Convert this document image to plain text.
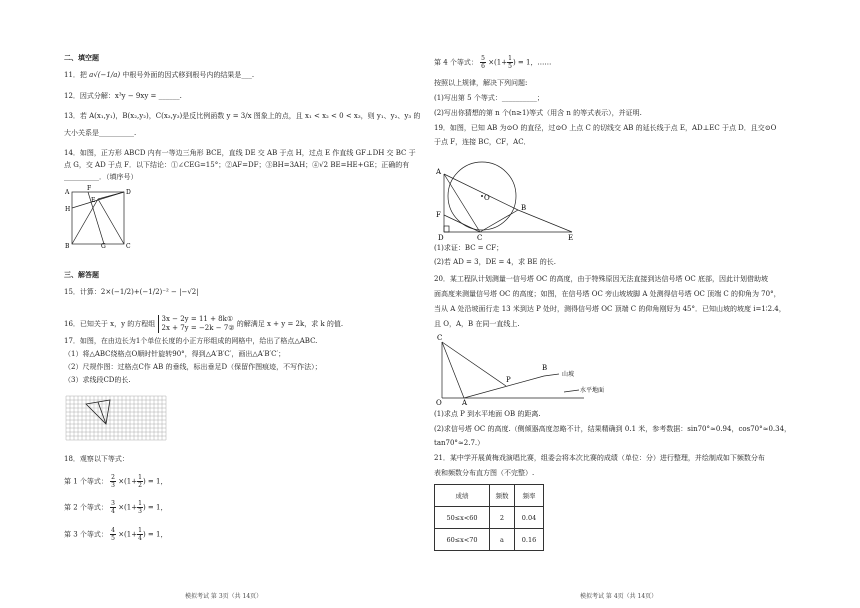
二、填空题
11．把 a√(−1/a) 中根号外面的因式移到根号内的结果是___.
12．因式分解：x³y − 9xy = ______.
13．若 A(x₁,y₁)，B(x₂,y₂)，C(x₃,y₃)是反比例函数 y = 3/x 图象上的点，且 x₁ < x₂ < 0 < x₃，则 y₁、y₂、y₃ 的
大小关系是__________.
14．如图，正方形 ABCD 内有一等边三角形 BCE，直线 DE 交 AB 于点 H，过点 E 作直线 GF⊥DH 交 BC 于
点 G，交 AD 于点 F．以下结论：①∠CEG=15°；②AF=DF；③BH=3AH；④√2 BE=HE+GE；正确的有
__________．（填序号）
A
F
D
H
E
B	G	C
三、解答题
15．计算：2×(−1/2)+(−1/2)⁻² − |−√2|
16．已知关于 x，y 的方程组 3x − 2y = 11 + 8k①
2x + 7y = −2k − 7② 的解满足 x + y = 2k，求 k 的值.
17．如图，在由边长为1个单位长度的小正方形组成的网格中，给出了格点△ABC.
（1）将△ABC绕格点O顺时针旋转90°，得到△A′B′C′，画出△A′B′C′；
（2）尺规作图：过格点C作 AB 的垂线，标出垂足D（保留作图痕迹，不写作法）；
（3）求线段CD的长.
18．观察以下等式：
第 1 个等式： $\frac{2}{3} \times(1+ \frac{1}{2}$ ) = 1，
第 2 个等式： $\frac{3}{4} \times(1+ \frac{1}{3}$ ) = 1，
第 3 个等式： $\frac{4}{5} \times(1+ \frac{1}{4}$ ) = 1，
模拟考试 第 3页（共 14页）
第 4 个等式： $\frac{5}{6} \times(1+ \frac{1}{5}$ ) = 1，……
按照以上规律，解决下列问题:
(1)写出第 5 个等式：__________；
(2)写出你猜想的第 n 个(n≥1)等式（用含 n 的等式表示），并证明.
19．如图，已知 AB 为⊙O 的直径，过⊙O 上点 C 的切线交 AB 的延长线于点 E，AD⊥EC 于点 D．且交⊙O
于点 F，连接 BC，CF，AC．
A
O
B
F
D	C	E
(1)求证：BC = CF；
(2)若 AD = 3，DE = 4，求 BE 的长.
20．某工程队计划测量一信号塔 OC 的高度，由于特殊原因无法直接到达信号塔 OC 底部，因此计划借助坡
面高度来测量信号塔 OC 的高度；如图，在信号塔 OC 旁山坡坡脚 A 处测得信号塔 OC 顶端 C 的仰角为 70°，
当从 A 处沿坡面行走 13 米到达 P 处时，测得信号塔 OC 顶端 C 的仰角刚好为 45°．已知山坡的坡度 i=1∶2.4，
且 O，A，B 在同一直线上.
C
P
B
O	A
山坡
水平地面
(1)求点 P 到水平地面 OB 的距离.
(2)求信号塔 OC 的高度.（侧倾器高度忽略不计，结果精确到 0.1 米，参考数据：sin70°≈0.94，cos70°≈0.34，
tan70°≈2.7.）
21．某中学开展黄梅戏演唱比赛，组委会将本次比赛的成绩（单位：分）进行整理，并绘制成如下频数分布
表和频数分布直方图（不完整）.
成绩	频数	频率
50≤x<60	2	0.04
60≤x<70	a	0.16
模拟考试 第 4页（共 14页）
